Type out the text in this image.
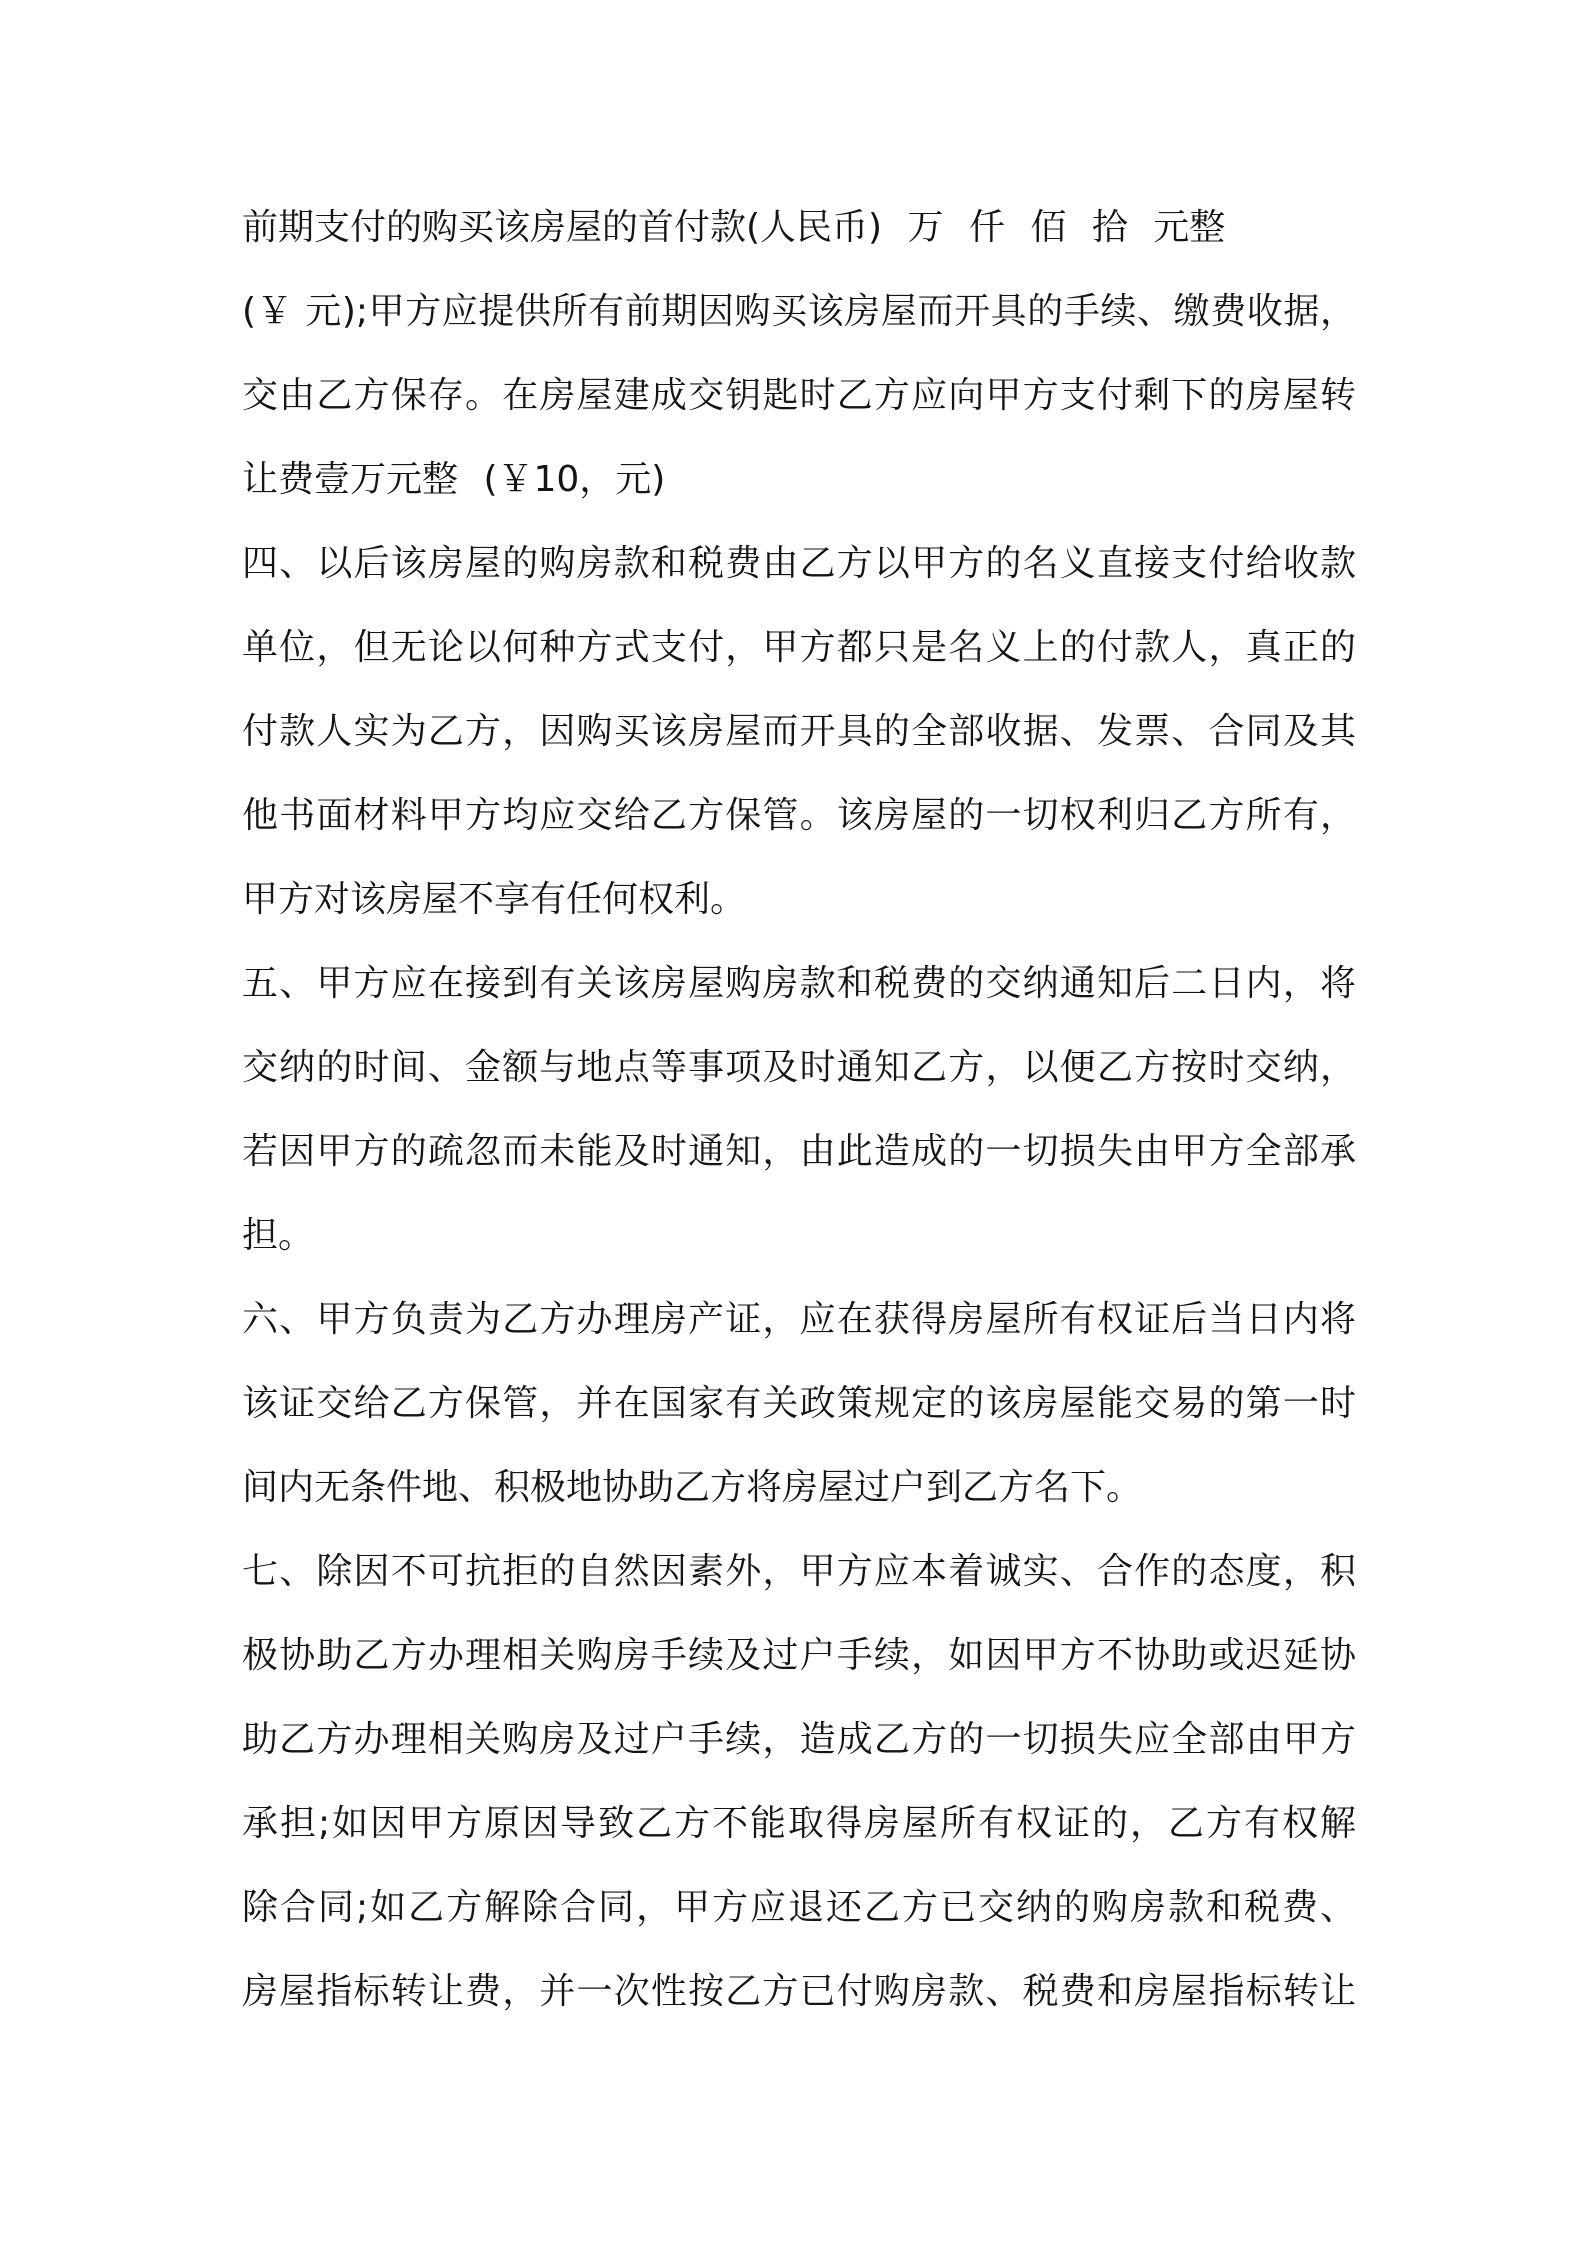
前期支付的购买该房屋的首付款(人民币) 万 仟 佰 拾 元整
(￥ 元);甲方应提供所有前期因购买该房屋而开具的手续、缴费收据，
交由乙方保存。在房屋建成交钥匙时乙方应向甲方支付剩下的房屋转
让费壹万元整 (￥10，元)
四、以后该房屋的购房款和税费由乙方以甲方的名义直接支付给收款
单位，但无论以何种方式支付，甲方都只是名义上的付款人，真正的
付款人实为乙方，因购买该房屋而开具的全部收据、发票、合同及其
他书面材料甲方均应交给乙方保管。该房屋的一切权利归乙方所有，
甲方对该房屋不享有任何权利。
五、甲方应在接到有关该房屋购房款和税费的交纳通知后二日内，将
交纳的时间、金额与地点等事项及时通知乙方，以便乙方按时交纳，
若因甲方的疏忽而未能及时通知，由此造成的一切损失由甲方全部承
担。
六、甲方负责为乙方办理房产证，应在获得房屋所有权证后当日内将
该证交给乙方保管，并在国家有关政策规定的该房屋能交易的第一时
间内无条件地、积极地协助乙方将房屋过户到乙方名下。
七、除因不可抗拒的自然因素外，甲方应本着诚实、合作的态度，积
极协助乙方办理相关购房手续及过户手续，如因甲方不协助或迟延协
助乙方办理相关购房及过户手续，造成乙方的一切损失应全部由甲方
承担;如因甲方原因导致乙方不能取得房屋所有权证的，乙方有权解
除合同;如乙方解除合同，甲方应退还乙方已交纳的购房款和税费、
房屋指标转让费，并一次性按乙方已付购房款、税费和房屋指标转让
